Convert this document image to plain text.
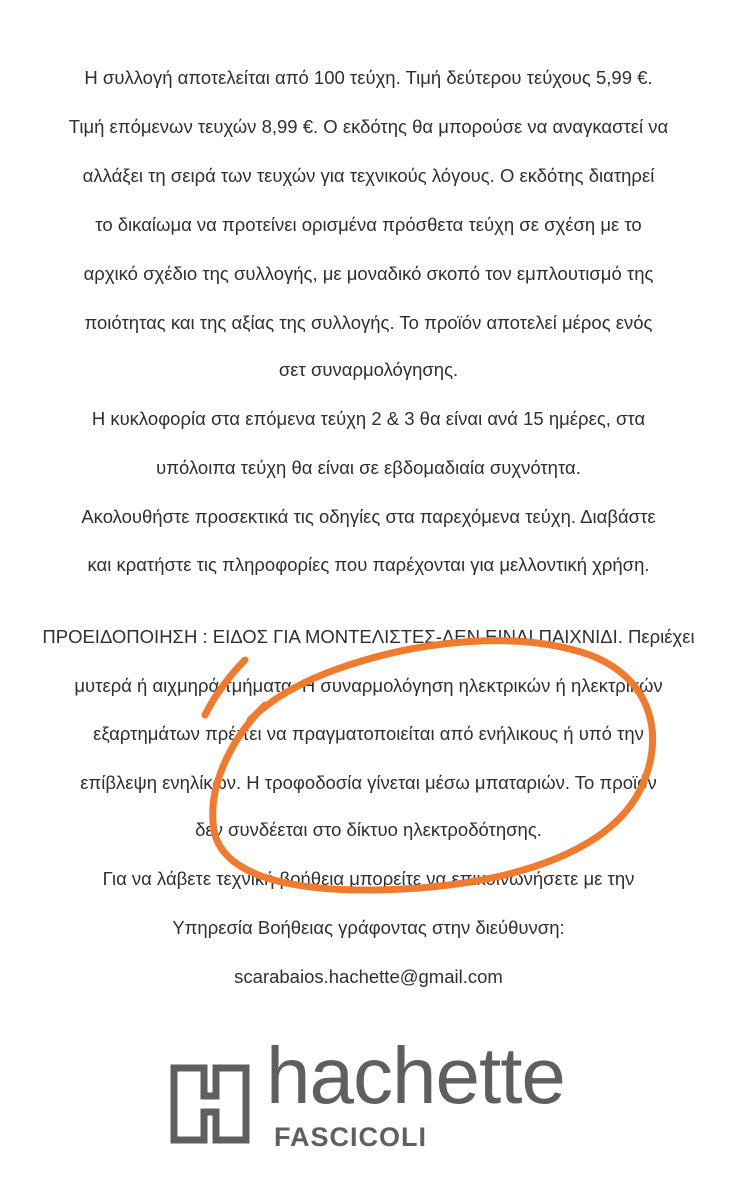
Η συλλογή αποτελείται από 100 τεύχη. Τιμή δεύτερου τεύχους 5,99 €.
Τιμή επόμενων τευχών 8,99 €. Ο εκδότης θα μπορούσε να αναγκαστεί να
αλλάξει τη σειρά των τευχών για τεχνικούς λόγους. Ο εκδότης διατηρεί
το δικαίωμα να προτείνει ορισμένα πρόσθετα τεύχη σε σχέση με το
αρχικό σχέδιο της συλλογής, με μοναδικό σκοπό τον εμπλουτισμό της
ποιότητας και της αξίας της συλλογής. Το προϊόν αποτελεί μέρος ενός
σετ συναρμολόγησης.
Η κυκλοφορία στα επόμενα τεύχη 2 & 3 θα είναι ανά 15 ημέρες, στα
υπόλοιπα τεύχη θα είναι σε εβδομαδιαία συχνότητα.
Ακολουθήστε προσεκτικά τις οδηγίες στα παρεχόμενα τεύχη. Διαβάστε
και κρατήστε τις πληροφορίες που παρέχονται για μελλοντική χρήση.
ΠΡΟΕΙΔΟΠΟΙΗΣΗ : ΕΙΔΟΣ ΓΙΑ ΜΟΝΤΕΛΙΣΤΕΣ-ΔΕΝ ΕΙΝΑΙ ΠΑΙΧΝΙΔΙ. Περιέχει
μυτερά ή αιχμηρά τμήματα. Η συναρμολόγηση ηλεκτρικών ή ηλεκτρικών
εξαρτημάτων πρέπει να πραγματοποιείται από ενήλικους ή υπό την
επίβλεψη ενηλίκων. Η τροφοδοσία γίνεται μέσω μπαταριών. Το προϊόν
δεν συνδέεται στο δίκτυο ηλεκτροδότησης.
Για να λάβετε τεχνική βοήθεια μπορείτε να επικοινωνήσετε με την
Υπηρεσία Βοήθειας γράφοντας στην διεύθυνση:
scarabaios.hachette@gmail.com
hachette
FASCICOLI
